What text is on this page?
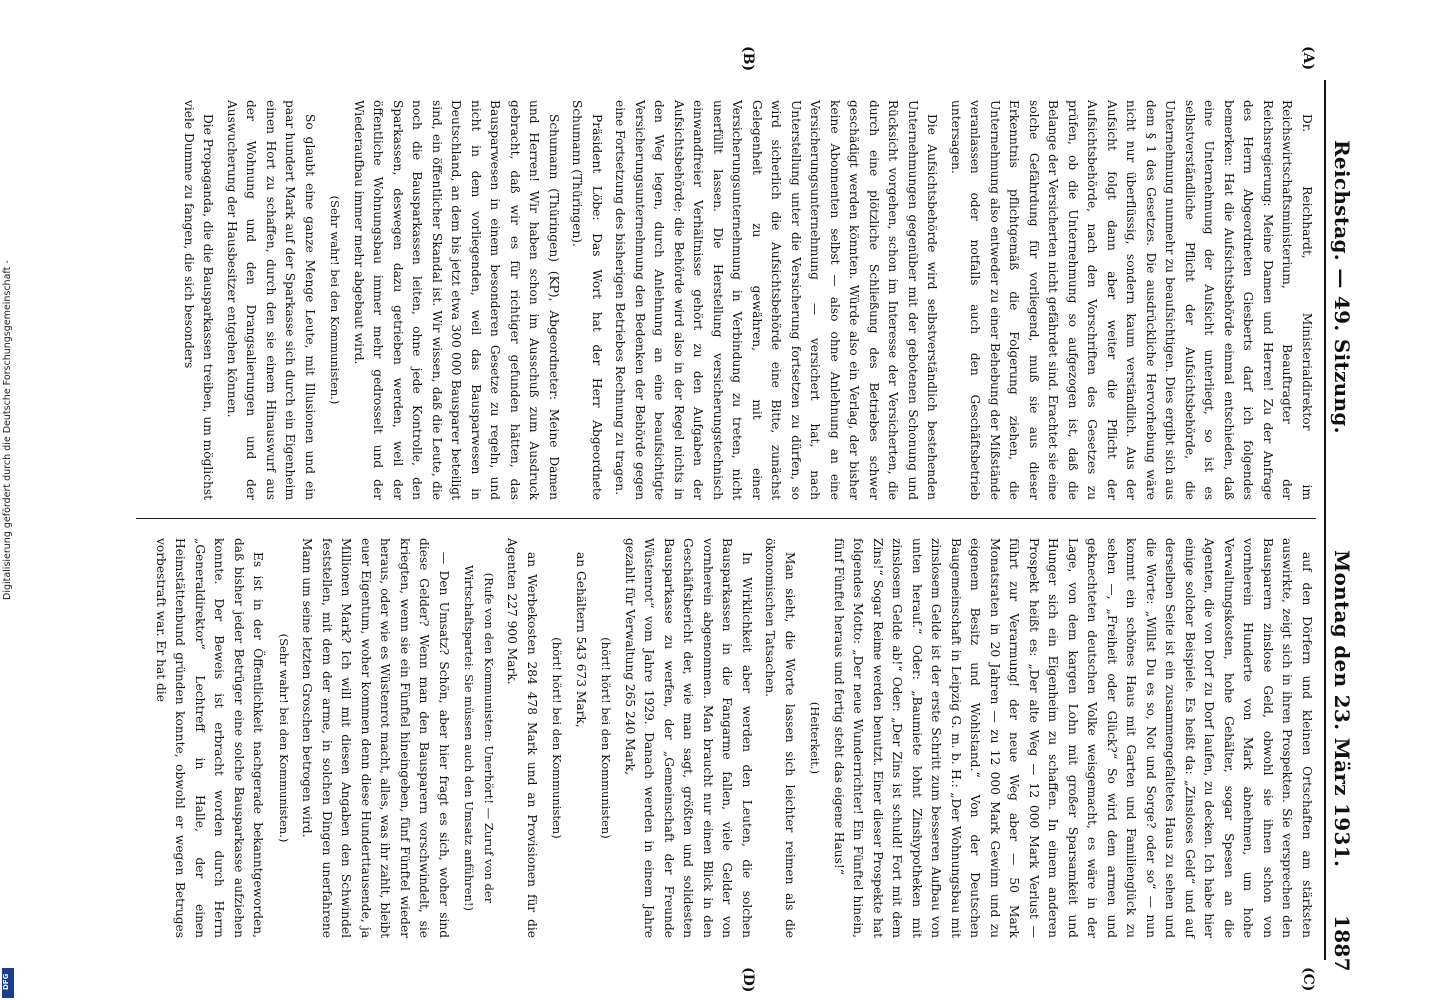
Reichstag. — 49. Sitzung.
Montag den 23. März 1931.
1887
(A)
(B)
(C)
(D)

Dr. Reichhardt, Ministerialdirektor im Reichswirtschaftsministerium, Beauftragter der Reichsregierung: Meine Damen und Herren! Zu der Anfrage des Herrn Abgeordneten Giesberts darf ich folgendes bemerken: Hat die Aufsichtsbehörde einmal entschieden, daß eine Unternehmung der Aufsicht unterliegt, so ist es selbstverständliche Pflicht der Aufsichtsbehörde, die Unternehmung nunmehr zu beaufsichtigen. Dies ergibt sich aus dem § 1 des Gesetzes. Die ausdrückliche Hervorhebung wäre nicht nur überflüssig, sondern kaum verständlich. Aus der Aufsicht folgt dann aber weiter die Pflicht der Aufsichtsbehörde, nach den Vorschriften des Gesetzes zu prüfen, ob die Unternehmung so aufgezogen ist, daß die Belange der Versicherten nicht gefährdet sind. Erachtet sie eine solche Gefährdung für vorliegend, muß sie aus dieser Erkenntnis pflichtgemäß die Folgerung ziehen, die Unternehmung also entweder zu einer Behebung der Mißstände veranlassen oder notfalls auch den Geschäftsbetrieb untersagen.

Die Aufsichtsbehörde wird selbstverständlich bestehenden Unternehmungen gegenüber mit der gebotenen Schonung und Rücksicht vorgehen, schon im Interesse der Versicherten, die durch eine plötzliche Schließung des Betriebes schwer geschädigt werden könnten. Würde also ein Verlag, der bisher keine Abonnenten selbst — also ohne Anlehnung an eine Versicherungsunternehmung — versichert hat, nach Unterstellung unter die Versicherung fortsetzen zu dürfen, so wird sicherlich die Aufsichtsbehörde eine Bitte, zunächst Gelegenheit zu gewähren, mit einer Versicherungsunternehmung in Verbindung zu treten, nicht unerfüllt lassen. Die Herstellung versicherungstechnisch einwandfreier Verhältnisse gehört zu den Aufgaben der Aufsichtsbehörde; die Behörde wird also in der Regel nichts in den Weg legen, durch Anlehnung an eine beaufsichtigte Versicherungsunternehmung den Bedenken der Behörde gegen eine Fortsetzung des bisherigen Betriebes Rechnung zu tragen.

Präsident Löbe: Das Wort hat der Herr Abgeordnete Schumann (Thüringen).

Schumann (Thüringen) (KP), Abgeordneter: Meine Damen und Herren! Wir haben schon im Ausschuß zum Ausdruck gebracht, daß wir es für richtiger gefunden hätten, das Bausparwesen in einem besonderen Gesetze zu regeln, und nicht in dem vorliegenden, weil das Bausparwesen in Deutschland, an dem bis jetzt etwa 300 000 Bausparer beteiligt sind, ein öffentlicher Skandal ist. Wir wissen, daß die Leute, die noch die Bausparkassen leiten, ohne jede Kontrolle, den Sparkassen, deswegen dazu getrieben werden, weil der öffentliche Wohnungsbau immer mehr gedrosselt und der Wiederaufbau immer mehr abgebaut wird.

(Sehr wahr! bei den Kommunisten.)

So glaubt eine ganze Menge Leute, mit Illusionen und ein paar hundert Mark auf der Sparkasse sich durch ein Eigenheim einen Hort zu schaffen, durch den sie einem Hinauswurf aus der Wohnung und den Drangsalierungen und der Auswucherung der Hausbesitzer entgehen können.

Die Propaganda, die die Bausparkassen treiben, um möglichst viele Dumme zu fangen, die sich besonders

auf den Dörfern und kleinen Ortschaften am stärksten auswirkte, zeigt sich in ihren Prospekten. Sie versprechen den Bausparern zinslose Geld, obwohl sie ihnen schon von vornherein Hunderte von Mark abnehmen, um hohe Verwaltungskosten, hohe Gehälter, sogar Spesen an die Agenten, die von Dorf zu Dorf laufen, zu decken. Ich habe hier einige solcher Beispiele. Es heißt da: „Zinsloses Geld“ und auf derselben Seite ist ein zusammengefaltetes Haus zu sehen und die Worte: „Willst Du es so, Not und Sorge? oder so“ — nun kommt ein schönes Haus mit Garten und Familienglück zu sehen —, „Freiheit oder Glück?“ So wird dem armen und geknechteten deutschen Volke weisgemacht, es wäre in der Lage, von dem kargen Lohn mit großer Sparsamkeit und Hunger sich ein Eigenheim zu schaffen. In einem anderen Prospekt heißt es: „Der alte Weg — 12 000 Mark Verlust — führt zur Verarmung! der neue Weg aber — 50 Mark Monatsraten in 20 Jahren — zu 12 000 Mark Gewinn und zu eigenem Besitz und Wohlstand.“ Von der Deutschen Baugemeinschaft in Leipzig G. m. b. H.: „Der Wohnungsbau mit zinslosem Gelde ist der erste Schritt zum besseren Aufbau von unten herauf.“ Oder: „Baumiete lohnt Zinshypotheken mit zinslosem Gelde ab!“ Oder: „Der Zins ist schuld! Fort mit dem Zins!“ Sogar Reime werden benutzt. Einer dieser Prospekte hat folgendes Motto: „Der neue Wunderrichter! Ein Fünftel hinein, fünf Fünftel heraus und fertig steht das eigene Haus!“

(Heiterkeit.)

Man sieht, die Worte lassen sich leichter reimen als die ökonomischen Tatsachen.

In Wirklichkeit aber werden den Leuten, die solchen Bausparkassen in die Fangarme fallen, viele Gelder von vornherein abgenommen. Man braucht nur einen Blick in den Geschäftsbericht der, wie man sagt, größten und solidesten Bausparkasse zu werfen, der „Gemeinschaft der Freunde Wüstenrot“ vom Jahre 1929. Danach werden in einem Jahre gezahlt für Verwaltung 265 240 Mark,

(hört! hört! bei den Kommunisten)

an Gehältern 543 673 Mark,

(hört! hört! bei den Kommunisten)

an Werbekosten 284 478 Mark und an Provisionen für die Agenten 227 900 Mark.

(Rufe von den Kommunisten: Unerhört! — Zuruf von der Wirtschaftspartei: Sie müssen auch den Umsatz anführen!)

— Den Umsatz? Schön, aber hier fragt es sich, woher sind diese Gelder? Wenn man den Bausparern vorschwindelt, sie kriegten, wenn sie ein Fünftel hineingeben, fünf Fünftel wieder heraus, oder wie es Wüstenrot macht, alles, was ihr zahlt, bleibt euer Eigentum, woher kommen denn diese Hunderttausende, ja Millionen Mark? Ich will mit diesen Angaben den Schwindel feststellen, mit dem der arme, in solchen Dingen unerfahrene Mann um seine letzten Groschen betrogen wird.

(Sehr wahr! bei den Kommunisten.)

Es ist in der Öffentlichkeit nachgerade bekanntgeworden, daß bisher jeder Betrüger eine solche Bausparkasse aufziehen konnte. Der Beweis ist erbracht worden durch Herrn „Generaldirektor“ Lechtreff in Halle, der einen Heimstättenbund gründen konnte, obwohl er wegen Betruges vorbestraft war. Er hat die

Digitalisierung gefördert durch die Deutsche Forschungsgemeinschaft -
DFG
